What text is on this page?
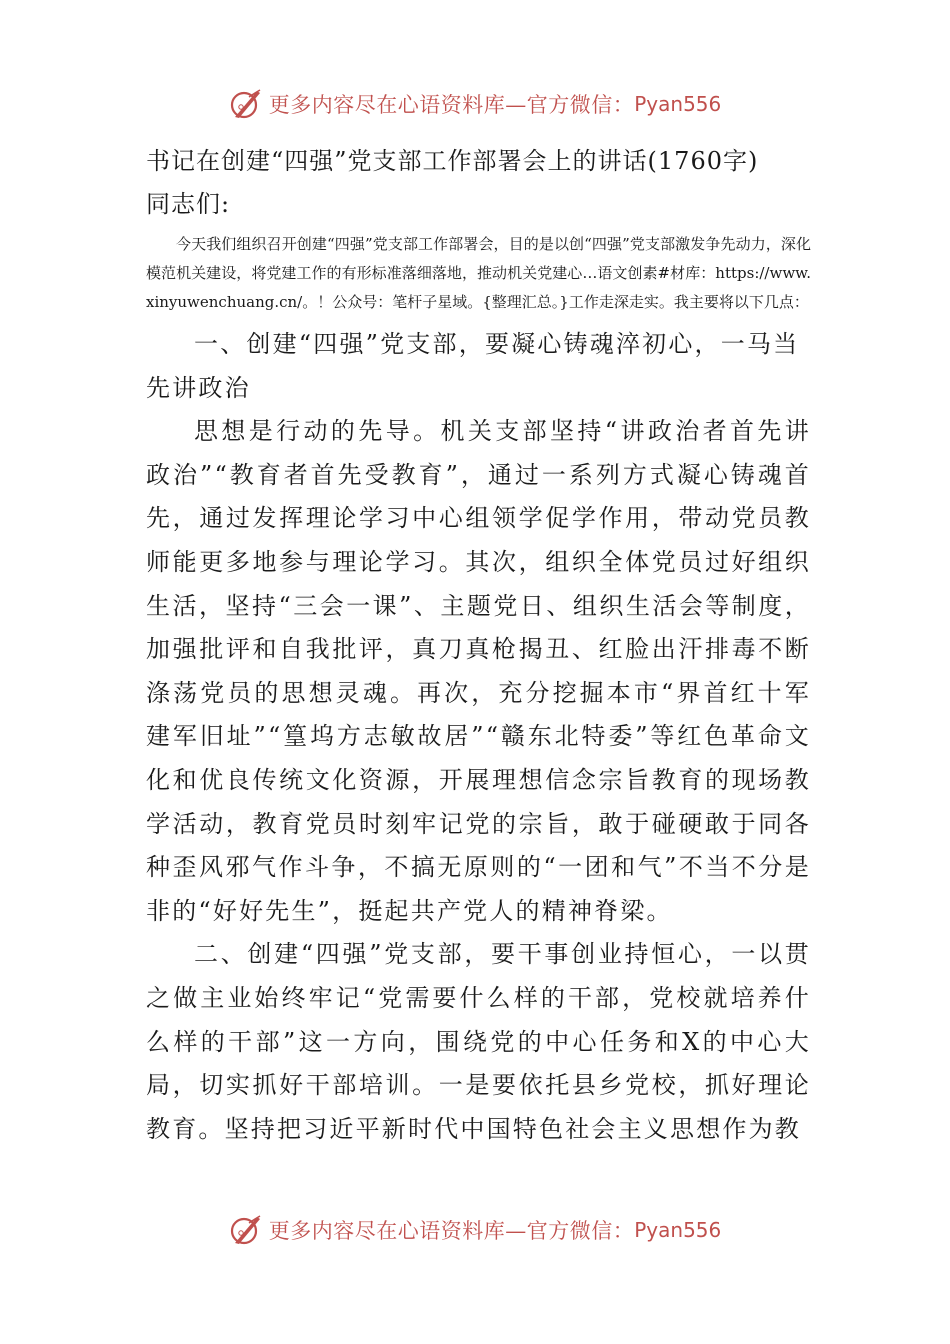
更多内容尽在心语资料库—官方微信： Pyan556
书记在创建“四强”党支部工作部署会上的讲话(1760字)

同志们:

今天我们组织召开创建“四强”党支部工作部署会，目的是以创“四强”党支部激发争先动力，深化模范机关建设，将党建工作的有形标准落细落地，推动机关党建心…语文创素#材库：https://www.xinyuwenchuang.cn/。！公众号：笔杆子星域。{整理汇总。}工作走深走实。我主要将以下几点：

一、创建“四强”党支部，要凝心铸魂淬初心，一马当先讲政治

思想是行动的先导。机关支部坚持“讲政治者首先讲政治”“教育者首先受教育”，通过一系列方式凝心铸魂首先，通过发挥理论学习中心组领学促学作用，带动党员教师能更多地参与理论学习。其次，组织全体党员过好组织生活，坚持“三会一课”、主题党日、组织生活会等制度，加强批评和自我批评，真刀真枪揭丑、红脸出汗排毒不断涤荡党员的思想灵魂。再次，充分挖掘本市“界首红十军建军旧址”“篁坞方志敏故居”“赣东北特委”等红色革命文化和优良传统文化资源，开展理想信念宗旨教育的现场教学活动，教育党员时刻牢记党的宗旨，敢于碰硬敢于同各种歪风邪气作斗争，不搞无原则的“一团和气”不当不分是非的“好好先生”，挺起共产党人的精神脊梁。

二、创建“四强”党支部，要干事创业持恒心，一以贯之做主业始终牢记“党需要什么样的干部，党校就培养什么样的干部”这一方向，围绕党的中心任务和X的中心大局，切实抓好干部培训。一是要依托县乡党校，抓好理论教育。坚持把习近平新时代中国特色社会主义思想作为教

更多内容尽在心语资料库—官方微信： Pyan556
